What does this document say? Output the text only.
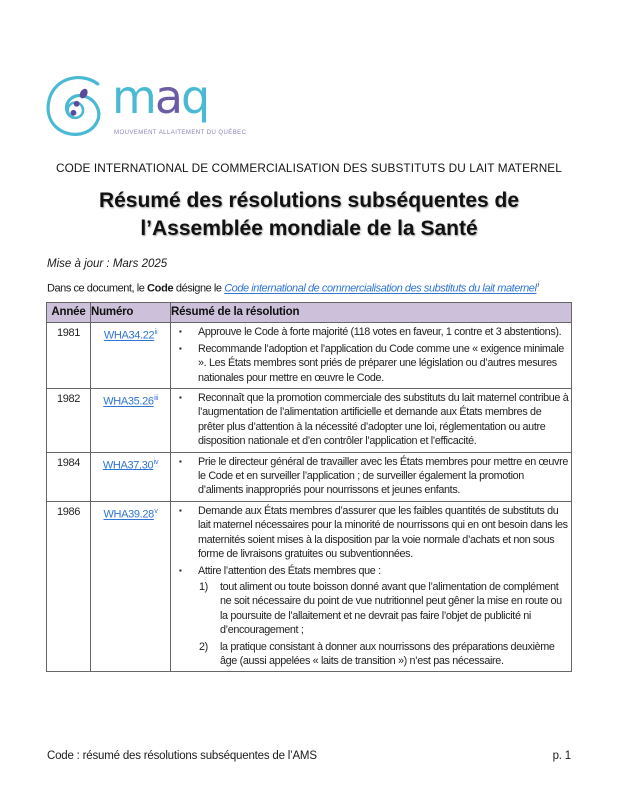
maq
MOUVEMENT ALLAITEMENT DU QUÉBEC
CODE INTERNATIONAL DE COMMERCIALISATION DES SUBSTITUTS DU LAIT MATERNEL
Résumé des résolutions subséquentes de
l’Assemblée mondiale de la Santé
Mise à jour : Mars 2025
Dans ce document, le Code désigne le Code international de commercialisation des substituts du lait maternel$^i$
Année	Numéro	Résumé de la résolution
1981	WHA34.22$^{ii}$	▪ Approuve le Code à forte majorité (118 votes en faveur, 1 contre et 3 abstentions).
▪ Recommande l’adoption et l’application du Code comme une « exigence minimale ». Les États membres sont priés de préparer une législation ou d’autres mesures nationales pour mettre en œuvre le Code.

1982	WHA35.26$^{iii}$	▪ Reconnaît que la promotion commerciale des substituts du lait maternel contribue à l’augmentation de l’alimentation artificielle et demande aux États membres de prêter plus d’attention à la nécessité d’adopter une loi, réglementation ou autre disposition nationale et d’en contrôler l’application et l’efficacité.

1984	WHA37.30$^{iv}$	▪ Prie le directeur général de travailler avec les États membres pour mettre en œuvre le Code et en surveiller l’application ; de surveiller également la promotion d’aliments inappropriés pour nourrissons et jeunes enfants.

1986	WHA39.28$^v$	▪	Demande aux États membres d’assurer que les faibles quantités de substituts du lait maternel nécessaires pour la minorité de nourrissons qui en ont besoin dans les maternités soient mises à la disposition par la voie normale d’achats et non sous forme de livraisons gratuites ou subventionnées.
▪	Attire l’attention des États membres que :
1)	tout aliment ou toute boisson donné avant que l’alimentation de complément ne soit nécessaire du point de vue nutritionnel peut gêner la mise en route ou la poursuite de l’allaitement et ne devrait pas faire l’objet de publicité ni d’encouragement ;
2)	la pratique consistant à donner aux nourrissons des préparations deuxième âge (aussi appelées « laits de transition ») n’est pas nécessaire.
Code : résumé des résolutions subséquentes de l’AMS	p. 1
